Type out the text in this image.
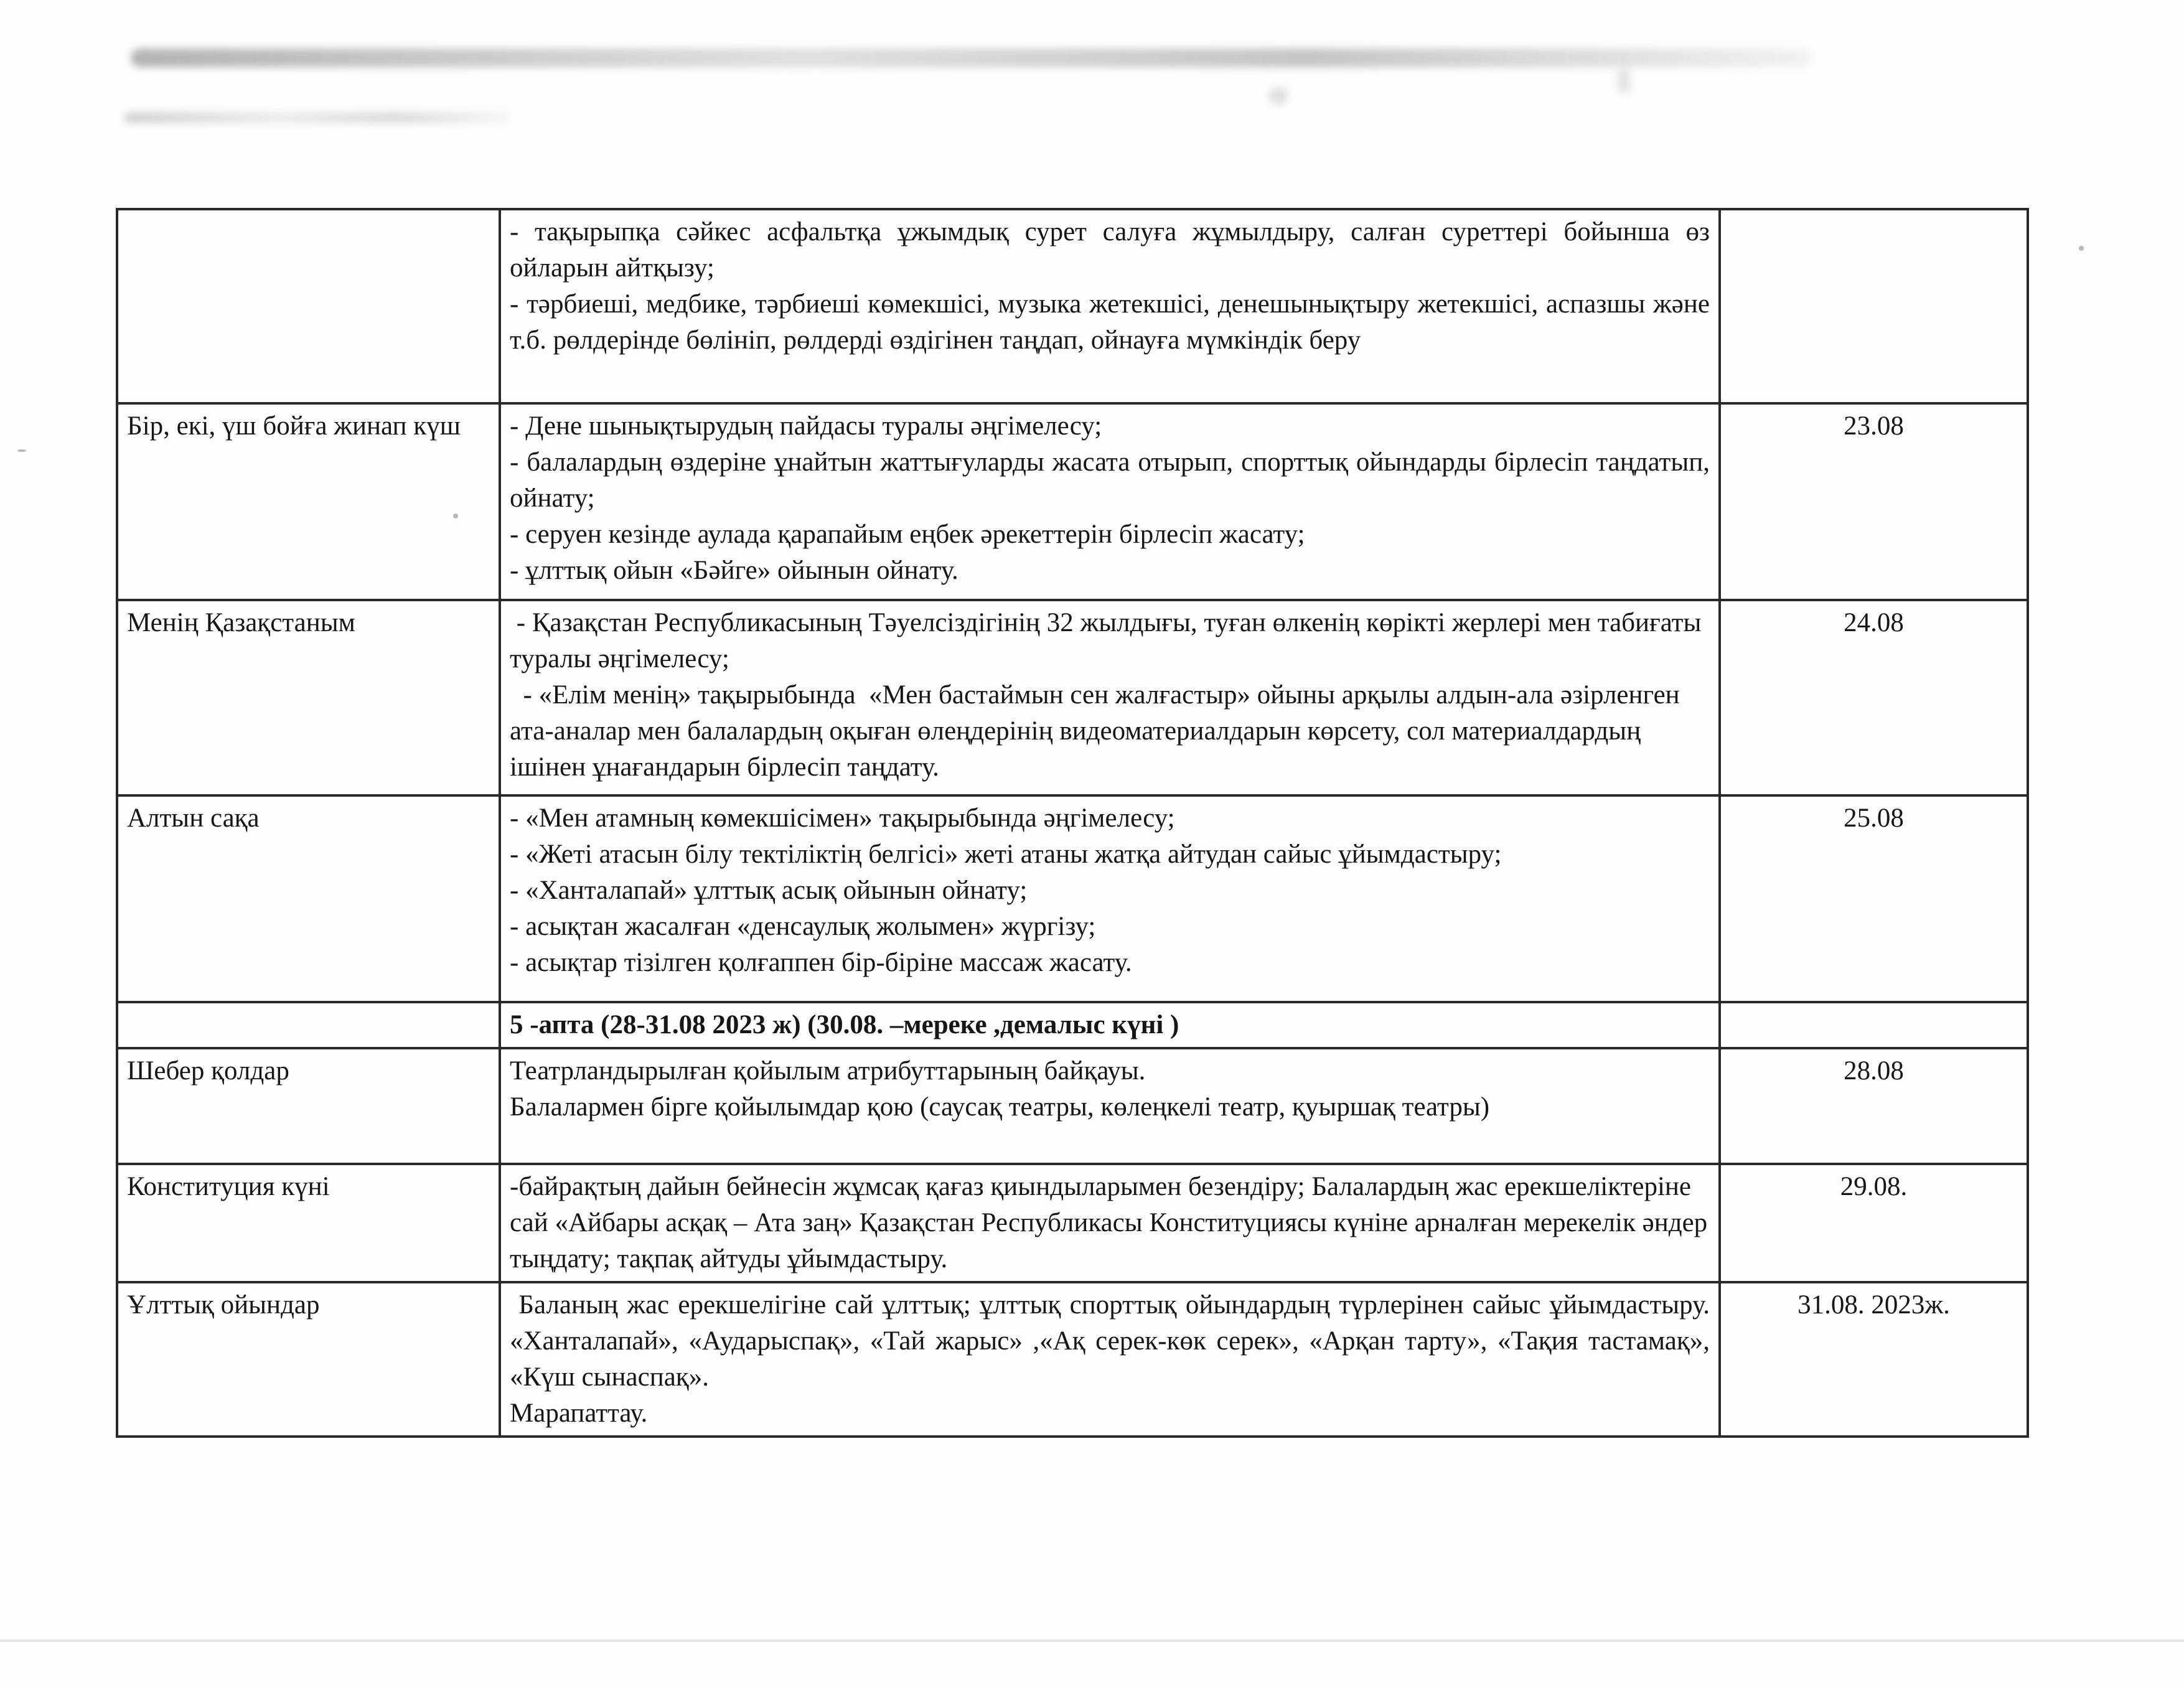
	- тақырыпқа сәйкес асфальтқа ұжымдық сурет салуға жұмылдыру, салған суреттері бойынша өз ойларын айтқызу;
- тәрбиеші, медбике, тәрбиеші көмекшісі, музыка жетекшісі, денешынықтыру жетекшісі, аспазшы және т.б. рөлдерінде бөлініп, рөлдерді өздігінен таңдап, ойнауға мүмкіндік беру	

Бір, екі, үш бойға жинап күш	- Дене шынықтырудың пайдасы туралы әңгімелесу;
- балалардың өздеріне ұнайтын жаттығуларды жасата отырып, спорттық ойындарды бірлесіп таңдатып, ойнату;
- серуен кезінде аулада қарапайым еңбек әрекеттерін бірлесіп жасату;
- ұлттық ойын «Бәйге» ойынын ойнату.	23.08
Менің Қазақстаным	- Қазақстан Республикасының Тәуелсіздігінің 32 жылдығы, туған өлкенің көрікті жерлері мен табиғаты туралы әңгімелесу;
- «Елім менің» тақырыбында  «Мен бастаймын сен жалғастыр» ойыны арқылы алдын-ала әзірленген ата-аналар мен балалардың оқыған өлеңдерінің видеоматериалдарын көрсету, сол материалдардың ішінен ұнағандарын бірлесіп таңдату.	24.08
Алтын сақа	- «Мен атамның көмекшісімен» тақырыбында әңгімелесу;
- «Жеті атасын білу тектіліктің белгісі» жеті атаны жатқа айтудан сайыс ұйымдастыру;
- «Ханталапай» ұлттық асық ойынын ойнату;
- асықтан жасалған «денсаулық жолымен» жүргізу;
- асықтар тізілген қолғаппен бір-біріне массаж жасату.	25.08
	5 -апта (28-31.08 2023 ж) (30.08. –мереке ,демалыс күні )	
Шебер қолдар	Театрландырылған қойылым атрибуттарының байқауы.
Балалармен бірге қойылымдар қою (саусақ театры, көлеңкелі театр, қуыршақ театры)	28.08
Конституция күні	-байрақтың дайын бейнесін жұмсақ қағаз қиындыларымен безендіру; Балалардың жас ерекшеліктеріне сай «Айбары асқақ – Ата заң» Қазақстан Республикасы Конституциясы күніне арналған мерекелік әндер тыңдату; тақпақ айтуды ұйымдастыру.	29.08.
Ұлттық ойындар	Баланың жас ерекшелігіне сай ұлттық; ұлттық спорттық ойындардың түрлерінен сайыс ұйымдастыру. «Ханталапай», «Аударыспақ», «Тай жарыс» ,«Ақ серек-көк серек», «Арқан тарту», «Тақия тастамақ», «Күш сынаспақ».
Марапаттау.	31.08. 2023ж.
